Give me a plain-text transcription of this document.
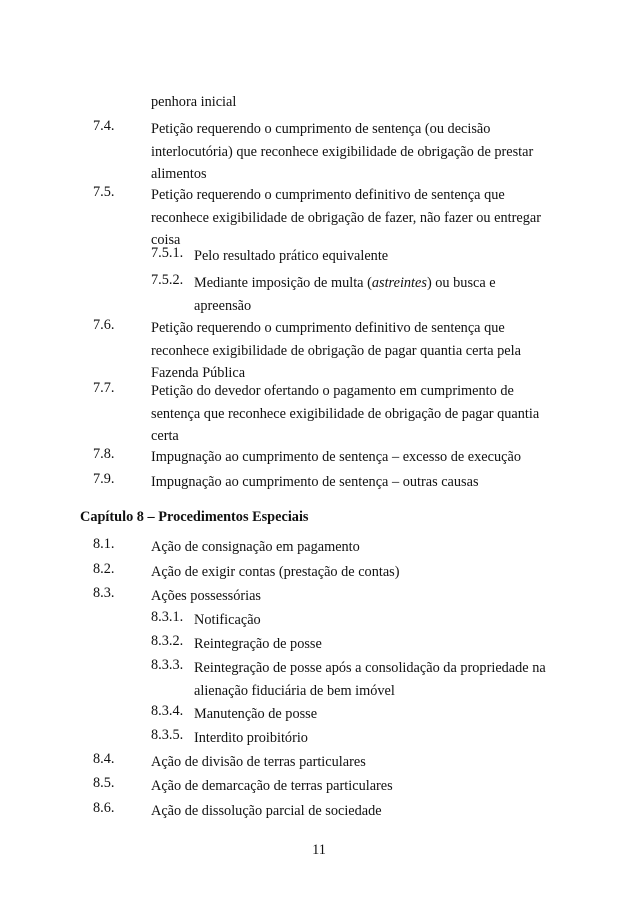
penhora inicial
7.4.	Petição requerendo o cumprimento de sentença (ou decisão interlocutória) que reconhece exigibilidade de obrigação de prestar alimentos
7.5.	Petição requerendo o cumprimento definitivo de sentença que reconhece exigibilidade de obrigação de fazer, não fazer ou entregar coisa
7.5.1. Pelo resultado prático equivalente
7.5.2. Mediante imposição de multa (astreintes) ou busca e apreensão
7.6.	Petição requerendo o cumprimento definitivo de sentença que reconhece exigibilidade de obrigação de pagar quantia certa pela Fazenda Pública
7.7.	Petição do devedor ofertando o pagamento em cumprimento de sentença que reconhece exigibilidade de obrigação de pagar quantia certa
7.8.	Impugnação ao cumprimento de sentença – excesso de execução
7.9.	Impugnação ao cumprimento de sentença – outras causas
Capítulo 8 – Procedimentos Especiais
8.1.	Ação de consignação em pagamento
8.2.	Ação de exigir contas (prestação de contas)
8.3.	Ações possessórias
8.3.1. Notificação
8.3.2. Reintegração de posse
8.3.3. Reintegração de posse após a consolidação da propriedade na alienação fiduciária de bem imóvel
8.3.4. Manutenção de posse
8.3.5. Interdito proibitório
8.4.	Ação de divisão de terras particulares
8.5.	Ação de demarcação de terras particulares
8.6.	Ação de dissolução parcial de sociedade
11
